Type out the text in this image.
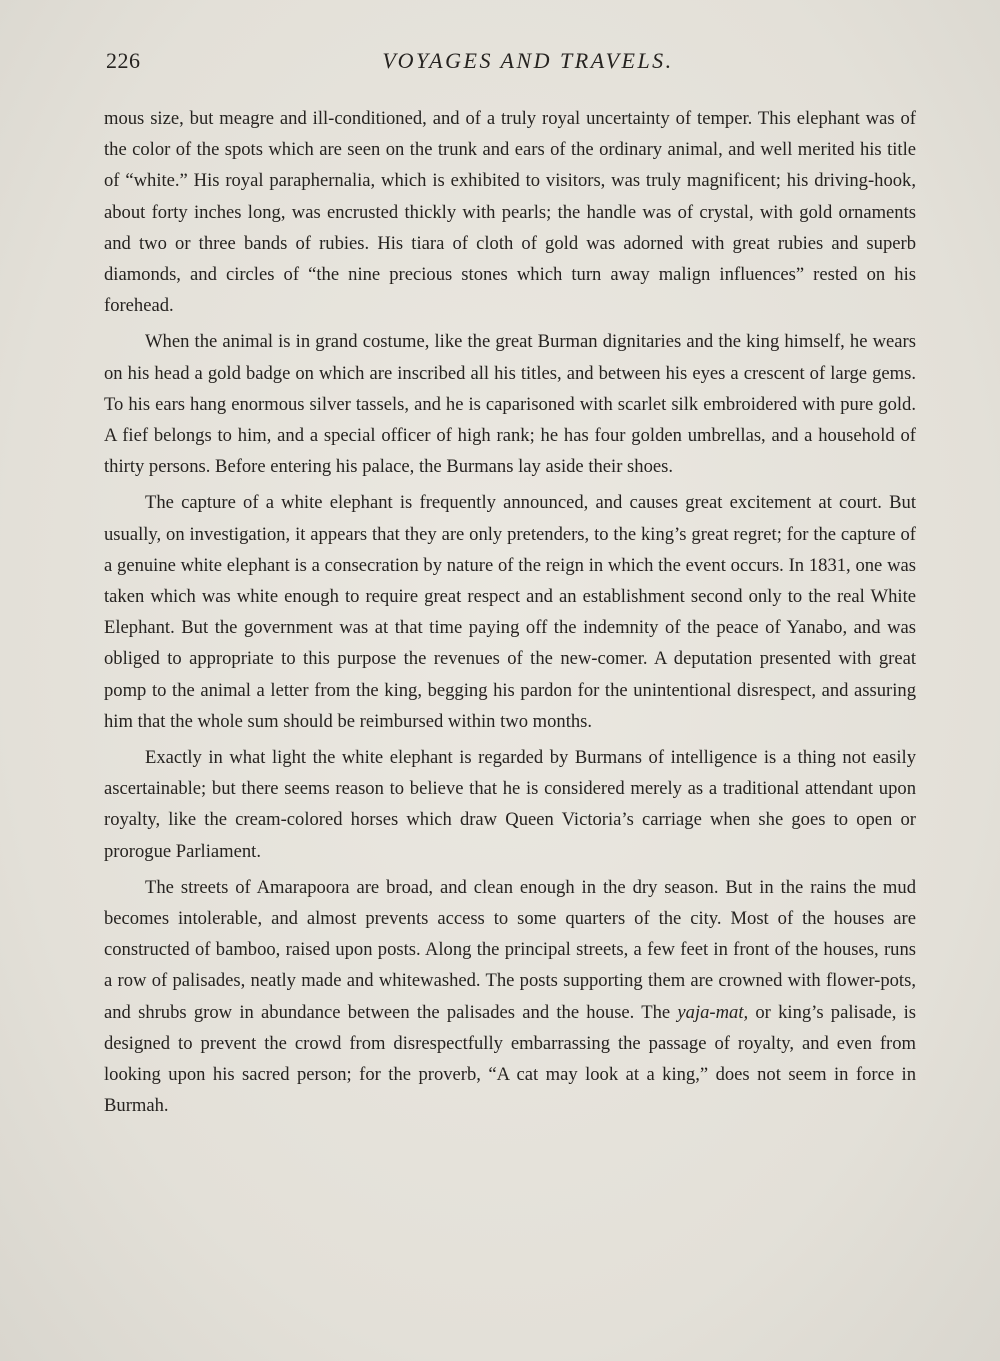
226	VOYAGES AND TRAVELS.

mous size, but meagre and ill-conditioned, and of a truly royal uncertainty of temper. This elephant was of the color of the spots which are seen on the trunk and ears of the ordinary animal, and well merited his title of “white.” His royal paraphernalia, which is exhibited to visitors, was truly magnificent; his driving-hook, about forty inches long, was encrusted thickly with pearls; the handle was of crystal, with gold ornaments and two or three bands of rubies. His tiara of cloth of gold was adorned with great rubies and superb diamonds, and circles of “the nine precious stones which turn away malign influences” rested on his forehead.

When the animal is in grand costume, like the great Burman dignitaries and the king himself, he wears on his head a gold badge on which are inscribed all his titles, and between his eyes a crescent of large gems. To his ears hang enormous silver tassels, and he is caparisoned with scarlet silk embroidered with pure gold. A fief belongs to him, and a special officer of high rank; he has four golden umbrellas, and a household of thirty persons. Before entering his palace, the Burmans lay aside their shoes.

The capture of a white elephant is frequently announced, and causes great excitement at court. But usually, on investigation, it appears that they are only pretenders, to the king’s great regret; for the capture of a genuine white elephant is a consecration by nature of the reign in which the event occurs. In 1831, one was taken which was white enough to require great respect and an establishment second only to the real White Elephant. But the government was at that time paying off the indemnity of the peace of Yanabo, and was obliged to appropriate to this purpose the revenues of the new-comer. A deputation presented with great pomp to the animal a letter from the king, begging his pardon for the unintentional disrespect, and assuring him that the whole sum should be reimbursed within two months.

Exactly in what light the white elephant is regarded by Burmans of intelligence is a thing not easily ascertainable; but there seems reason to believe that he is considered merely as a traditional attendant upon royalty, like the cream-colored horses which draw Queen Victoria’s carriage when she goes to open or prorogue Parliament.

The streets of Amarapoora are broad, and clean enough in the dry season. But in the rains the mud becomes intolerable, and almost prevents access to some quarters of the city. Most of the houses are constructed of bamboo, raised upon posts. Along the principal streets, a few feet in front of the houses, runs a row of palisades, neatly made and whitewashed. The posts supporting them are crowned with flower-pots, and shrubs grow in abundance between the palisades and the house. The yaja-mat, or king’s palisade, is designed to prevent the crowd from disrespectfully embarrassing the passage of royalty, and even from looking upon his sacred person; for the proverb, “A cat may look at a king,” does not seem in force in Burmah.
